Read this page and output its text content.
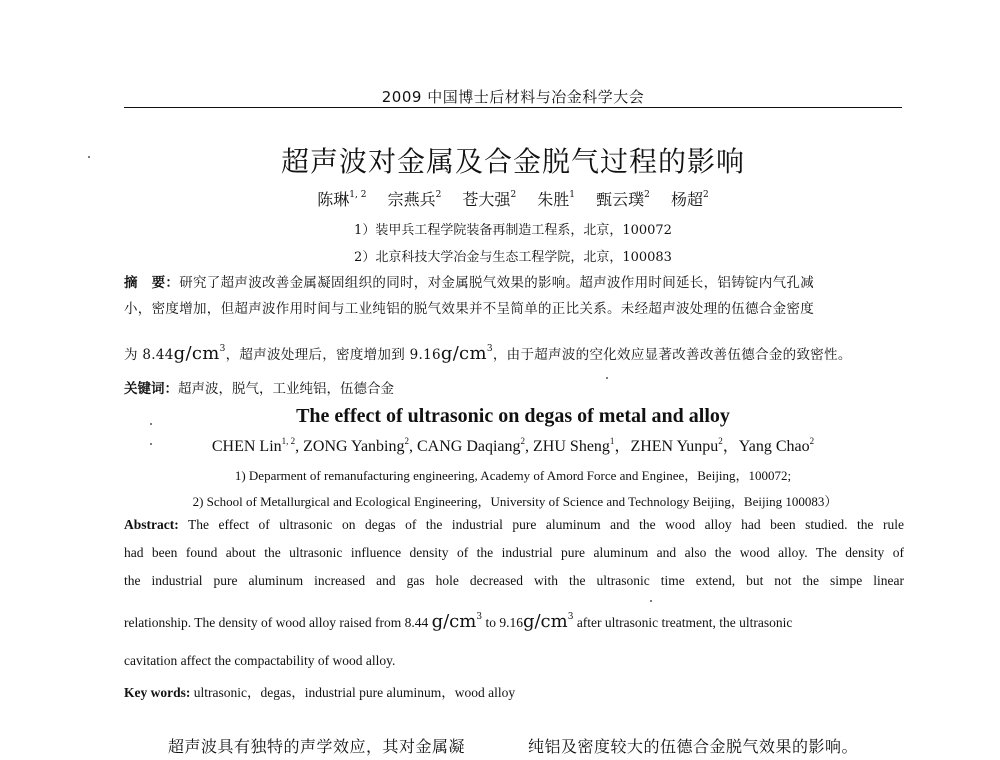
2009 中国博士后材料与冶金科学大会
超声波对金属及合金脱气过程的影响
陈琳$^{1, 2}$ 宗燕兵$^2$ 苍大强$^2$ 朱胜$^1$ 甄云璞$^2$ 杨超$^2$
1）装甲兵工程学院装备再制造工程系，北京，100072
2）北京科技大学冶金与生态工程学院，北京，100083
摘　要：研究了超声波改善金属凝固组织的同时，对金属脱气效果的影响。超声波作用时间延长，铝铸锭内气孔减
小，密度增加，但超声波作用时间与工业纯铝的脱气效果并不呈简单的正比关系。未经超声波处理的伍德合金密度
为 $8.44g/cm^3$，超声波处理后，密度增加到 $9.16g/cm^3$，由于超声波的空化效应显著改善改善伍德合金的致密性。
关键词：超声波，脱气，工业纯铝，伍德合金
The effect of ultrasonic on degas of metal and alloy
CHEN Lin$^{1, 2}$, ZONG Yanbing$^2$, CANG Daqiang$^2$, ZHU Sheng$^1$，ZHEN Yunpu$^2$，Yang Chao$^2$
1) Deparment of remanufacturing engineering, Academy of Amord Force and Enginee，Beijing，100072;
2) School of Metallurgical and Ecological Engineering，University of Science and Technology Beijing，Beijing 100083）
Abstract: The effect of ultrasonic on degas of the industrial pure aluminum and the wood alloy had been studied. the rule
had been found about the ultrasonic influence density of the industrial pure aluminum and also the wood alloy. The density of
the industrial pure aluminum increased and gas hole decreased with the ultrasonic time extend, but not the simpe linear
relationship. The density of wood alloy raised from 8.44 $g/cm^3$ to $9.16g/cm^3$ after ultrasonic treatment, the ultrasonic
cavitation affect the compactability of wood alloy.
Key words: ultrasonic，degas，industrial pure aluminum，wood alloy
超声波具有独特的声学效应，其对金属凝	纯铝及密度较大的伍德合金脱气效果的影响。
